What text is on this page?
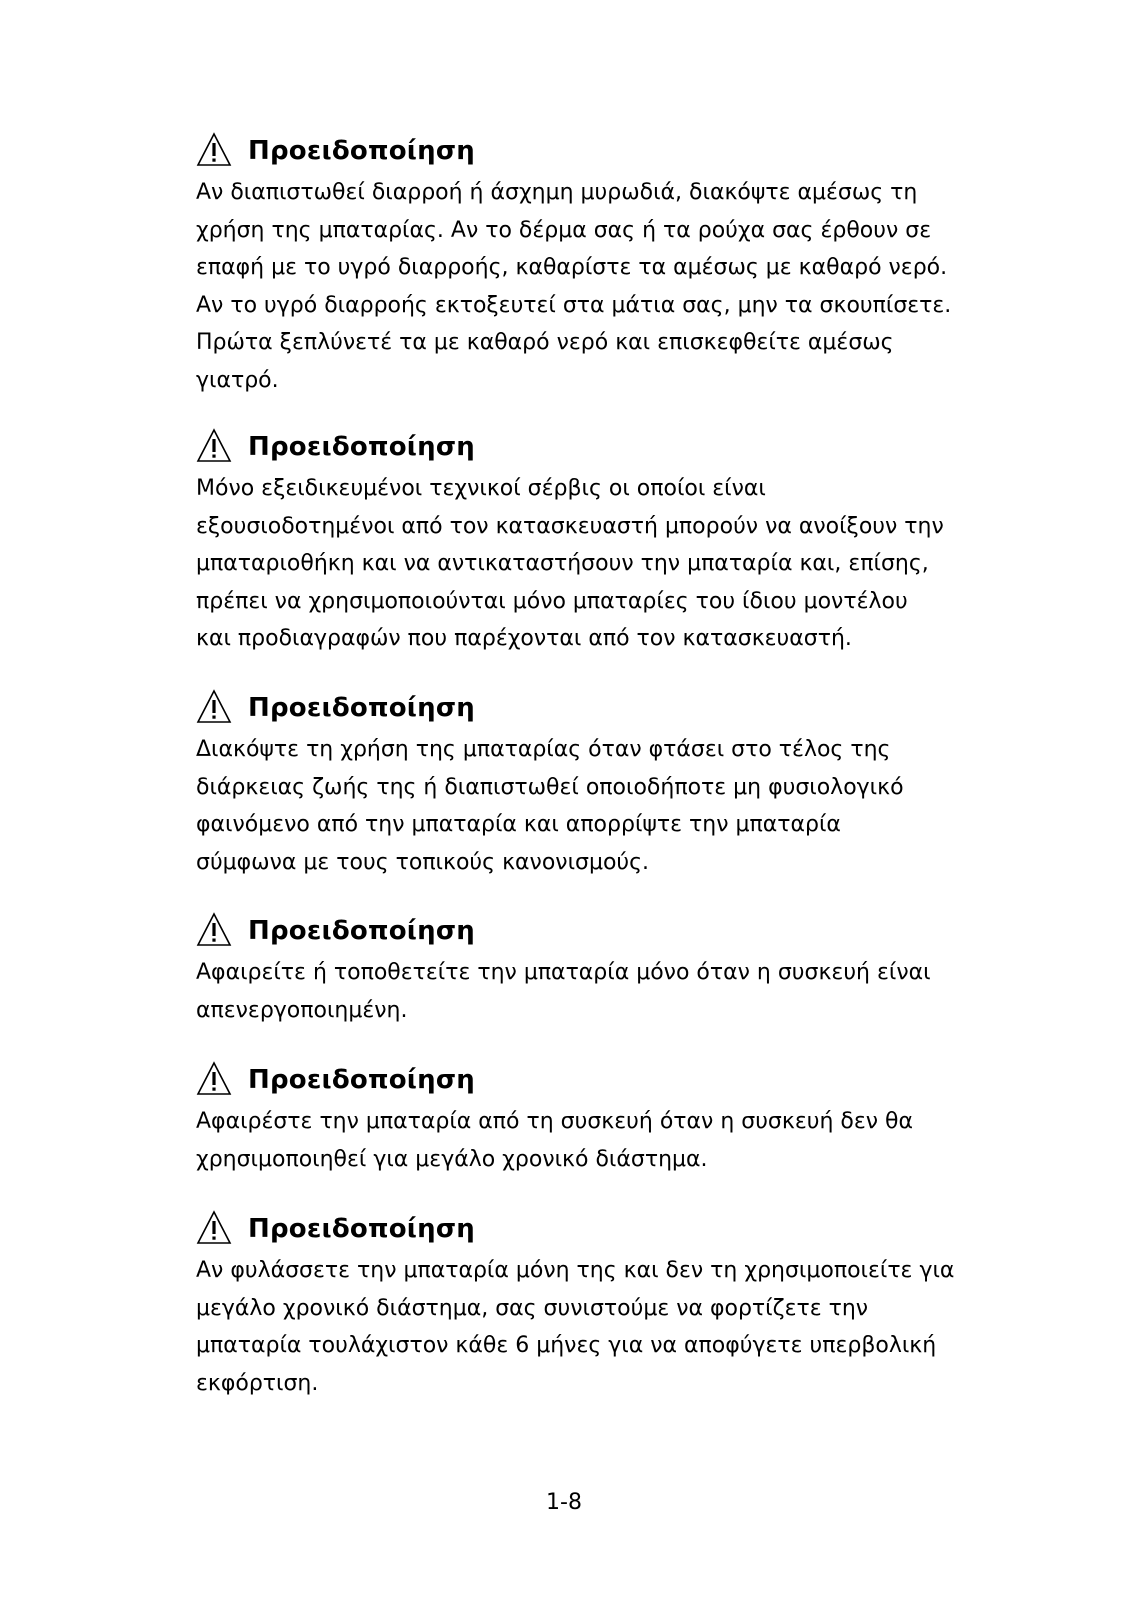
Προειδοποίηση
Αν διαπιστωθεί διαρροή ή άσχημη μυρωδιά, διακόψτε αμέσως τη
χρήση της μπαταρίας. Αν το δέρμα σας ή τα ρούχα σας έρθουν σε
επαφή με το υγρό διαρροής, καθαρίστε τα αμέσως με καθαρό νερό.
Αν το υγρό διαρροής εκτοξευτεί στα μάτια σας, μην τα σκουπίσετε.
Πρώτα ξεπλύνετέ τα με καθαρό νερό και επισκεφθείτε αμέσως
γιατρό.
Προειδοποίηση
Μόνο εξειδικευμένοι τεχνικοί σέρβις οι οποίοι είναι
εξουσιοδοτημένοι από τον κατασκευαστή μπορούν να ανοίξουν την
μπαταριοθήκη και να αντικαταστήσουν την μπαταρία και, επίσης,
πρέπει να χρησιμοποιούνται μόνο μπαταρίες του ίδιου μοντέλου
και προδιαγραφών που παρέχονται από τον κατασκευαστή.
Προειδοποίηση
Διακόψτε τη χρήση της μπαταρίας όταν φτάσει στο τέλος της
διάρκειας ζωής της ή διαπιστωθεί οποιοδήποτε μη φυσιολογικό
φαινόμενο από την μπαταρία και απορρίψτε την μπαταρία
σύμφωνα με τους τοπικούς κανονισμούς.
Προειδοποίηση
Αφαιρείτε ή τοποθετείτε την μπαταρία μόνο όταν η συσκευή είναι
απενεργοποιημένη.
Προειδοποίηση
Αφαιρέστε την μπαταρία από τη συσκευή όταν η συσκευή δεν θα
χρησιμοποιηθεί για μεγάλο χρονικό διάστημα.
Προειδοποίηση
Αν φυλάσσετε την μπαταρία μόνη της και δεν τη χρησιμοποιείτε για
μεγάλο χρονικό διάστημα, σας συνιστούμε να φορτίζετε την
μπαταρία τουλάχιστον κάθε 6 μήνες για να αποφύγετε υπερβολική
εκφόρτιση.
1-8
